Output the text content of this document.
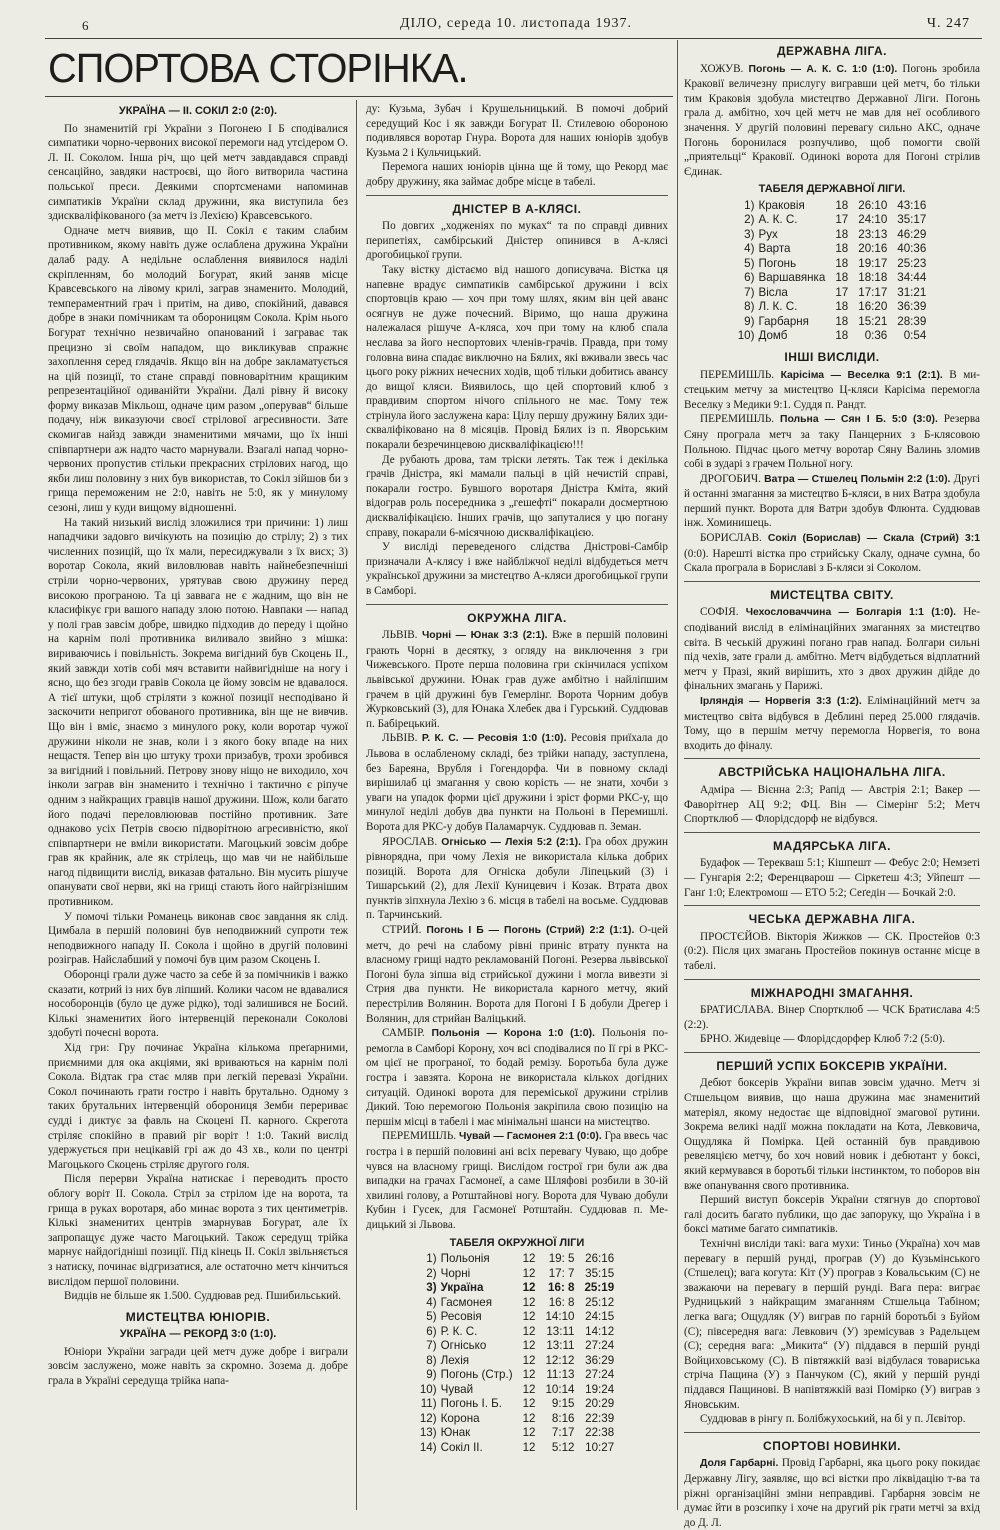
6	ДІЛО, середа 10. листопада 1937.	Ч. 247
СПОРТОВА СТОРІНКА.
УКРАЇНА — II. СОКІЛ 2:0 (2:0).

По знаменитій грі України з Погонею І Б сподівалися симпатики чорно-червоних високої перемоги над утсідером О. Л. II. Соколом. Інша річ, що цей метч завдавдався справді сенсаційно, завдяки настроєві, що його витворила частина польської преси. Деякими спортсменами напоминав симпатиків України склад дружини, яка виступила без здискваліфікованого (за метч із Лехією) Кравсевського.

Одначе метч виявив, що II. Сокіл є таким слабим противником, якому навіть дуже ослаблена дружина України далаб раду. А недільне ослаблення виявилося наділі скріпленням, бо молодий Богурат, який заняв місце Кравсевського на лівому крилі, заграв знаменито. Молодий, темпераментний грач і притім, на диво, спокійний, давався добре в знаки помічникам та обороницям Сокола. Крім нього Богурат технічно незвичайно опанований і заграває так прецизно зі своїм нападом, що викликував спражнє захоплення серед глядачів. Якщо він на добре закламатується на цій позиції, то стане справді повноварітним кращиким репрезентаційної одиванійти України. Далі рівну й високу форму виказав Мікльош, одначе цим разом „оперував“ більше подачу, ніж виказуючи своєї стрілової агресивности. Зате скомигав найзд завжди знаменитими мячами, що їх інші співпартнери аж надто часто марнували. Взагалі напад чорно-червоних пропустив стільки прекрасних стрілових нагод, що якби лиш половину з них був використав, то Сокіл зійшов би з грища переможеним не 2:0, навіть не 5:0, як у минулому сезоні, лиш у куди вищому відношенні.

На такий низький вислід зложилися три причини: 1) лиш нападчики задовго вичікують на позицію до стрілу; 2) з тих численних позицій, що їх мали, пересиджували з їх висх; 3) воротар Сокола, який виловлював навіть найнебезпечніші стріли чорно-червоних, урятував свою дружину перед високою програною. Та ці заввага не є жадним, що він не класифікує гри вашого нападу злою потою. Навпаки — напад у полі грав завсім добре, швидко підходив до переду і щойно на карнім полі противника виливало звийно з мішка: вириваючись і повільність. Зокрема вигідний був Скоцень II., який завжди хотів собі мяч вставити найвигідніше на ногу і ясно, що без згоди гравів Сокола це йому зовсім не вдавалося. А тієї штуки, щоб стріляти з кожної позиції несподівано й заскочити непригот обованого противника, він ще не вивчив. Що він і вміє, знаємо з минулого року, коли воротар чужої дружини ніколи не знав, коли і з якого боку впаде на них нещастя. Тепер він цю штуку трохи призабув, трохи зробився за вигідний і повільний. Петрову знову ніщо не виходило, хоч інколи заграв він знаменито і технічно і тактично є ріпуче одним з найкращих гравців нашої дружини. Шож, коли багато його подачі переловлюював постійно противник. Зате однаково усіх Петрів своєю підворітною агресивністю, якої співпартнери не вміли використати. Магоцький зовсім добре грав як крайник, але як стрілець, що мав чи не найбільше нагод підвищити вислід, виказав фатально. Він мусить рішуче опанувати свої нерви, які на грищі стають його найгрізнішим противником.

У помочі тільки Романець виконав своє завдання як слід. Цимбала в першій половині був неподвижний супроти теж неподвижного нападу II. Сокола і щойно в другій половині розіграв. Найслабший у помочі був цим разом Скоцень І.

Оборонці грали дуже часто за себе й за помічників і важко сказати, котрий із них був ліпший. Колики часом не вдавалися нособоронців (було це дуже рідко), тоді залишився не Босий. Кількі знаменитих його інтервенцій переконали Соколові здобуті почесні ворота.

Хід гри: Гру починає Україна кількома преґарними, приємними для ока акціями, які вриваються на карнім полі Сокола. Відтак гра стає мляв при легкій перевазі України. Сокол починають грати гостро і навіть брутально. Одному з таких брутальних інтервенцій оборониця Земби перериває судді і диктує за фавль на Скоцені П. карного. Скрегота стріляє спокійно в правий ріг воріт ! 1:0. Такий вислід удержується при нецікавій грі аж до 43 хв., коли по центрі Магоцького Скоцень стріляє другого голя.

Після перерви Україна натискає і переводить просто облогу воріт II. Сокола. Стріл за стрілом іде на ворота, та грища в руках воротаря, або минає ворота з тих центиметрів. Кількі знаменитих центрів змарнував Богурат, але їх запропащує дуже часто Магоцький. Також середущ трійка марнує найдогідніші позиції. Під кінець II. Сокіл звільняється з натиску, починає відгризатися, але остаточно метч кінчиться вислідом першої половини.

Видців не більше як 1.500. Суддював ред. Пшибильський.

МИСТЕЦТВА ЮНІОРІВ.
УКРАЇНА — РЕКОРД 3:0 (1:0).

Юніори України загради цей метч дуже добре і виграли зовсім заслужено, може навіть за скромно. Зозема д. добре грала в Україні середуща трійка напа-

ду: Кузьма, Зубач і Крушельницький. В помочі добрий середущий Кос і як завжди Богурат II. Стилевою обороною подивлявся воротар Гнура. Ворота для наших юніорів здобув Кузьма 2 і Кульчицький.

Перемога наших юніорів цінна ще й тому, що Рекорд має добру дружину, яка займає добре місце в табелі.

ДНІСТЕР В А-КЛЯСІ.

По довгих „ходженіях по муках“ та по справді дивних перипетіях, самбірський Дністер опинився в А-клясі дрогобицької групи.

Таку вістку дістаємо від нашого дописувача. Вістка ця напевне врадує симпатиків самбірської дружини і всіх спортовців краю — хоч при тому шлях, яким він цей аванс осягнув не дуже почесний. Віримо, що наша дружина належалася рішуче А-кляса, хоч при тому на клюб спала неслава за його неспортових членів-грачів. Правда, при тому головна вина спадає виключно на Бялих, які вживали звесь час цього року ріжних нечесних ходів, щоб тільки добитись авансу до вищої кляси. Виявилось, що цей спортовий клюб з правдивим спортом нічого спільного не має. Тому теж стрінула його заслужена кара: Цілу першу дружину Бялих здискваліфіковано на 8 місяців. Провід Бялих із п. Яворським покарали безречинцевою дискваліфікацією!!!

Де рубають дрова, там тріски летять. Так теж і декілька грачів Дністра, які мамали пальці в цій нечистій справі, покарали гостро. Бувшого воротаря Дністра Кміта, який відограв роль посередника з „гешефті“ покарали досмертною дискваліфікацією. Інших грачів, що запуталися у цю погану справу, покарали 6-місячною дискваліфікацією.

У висліді переведеного слідства Дністрові-Самбір призначали А-клясу і вже найбліжчої неділі відбудеться метч української дружини за мистецтво А-кляси дрогобицької групи в Самборі.

ОКРУЖНА ЛІГА.

ЛЬВІВ. Чорні — Юнак 3:3 (2:1). Вже в першій половині грають Чорні в десятку, з огляду на виключення з гри Чижевського. Проте перша половина гри скінчилася успіхом львівської дружини. Юнак грав дуже амбітно і найліпшим грачем в цій дружині був Гемерлінг. Ворота Чорним добув Журковський (3), для Юнака Хлебек два і Гурський. Суддював п. Бабірецький.

ЛЬВІВ. Р. К. С. — Ресовія 1:0 (1:0). Ресовія приїхала до Львова в ослабленому складі, без трійки нападу, заступлена, без Бареяна, Врубля і Гогендорфа. Чи в повному складі вирішилаб ці змагання у свою корість — не знати, хочби з уваги на упадок форми цієї дружини і зріст форми РКС-у, що минулої неділі добув два пункти на Польоні в Перемишлі. Ворота для РКС-у добув Паламарчук. Суддював п. Земан.

ЯРОСЛАВ. Огнісько — Лехія 5:2 (2:1). Гра обох дружин рівнорядна, при чому Лехія не використала кілька добрих позицій. Ворота для Огніска добули Ліпецький (3) і Тишарський (2), для Лехії Куницевич і Козак. Втрата двох пунктів зіпхнула Лехію з 6. місця в табелі на восьме. Суддював п. Тарчинський.

СТРИЙ. Погонь І Б — Погонь (Стрий) 2:2 (1:1). О-цей метч, до речі на слабому рівні приніс втрату пункта на власному грищі надто рекламованій Погоні. Резерва львівської Погоні була зіпша від стрийської дужини і могла вивезти зі Стрия два пункти. Не використала карного метчу, який перестрілив Волянин. Ворота для Погоні І Б добули Дрегер і Волянин, для стрийан Валіцький.

САМБІР. Польонія — Корона 1:0 (1:0). Польонія поремогла в Самборі Корону, хоч всі сподівалися по Ії грі в РКС-ом цієї не програної, то бодай ремізу. Боротьба була дуже гостра і завзята. Корона не використала кількох догідних ситуацій. Одинокі ворота для переміської дружини стрілив Дикий. Тою перемогою Польонія закріпила свою позицію на першім місці в табелі і має мінімальні шанси на мистецтво.

ПЕРЕМИШЛЬ. Чувай — Гасмонея 2:1 (0:0). Гра ввесь час гостра і в першій половині ані всіх перевагу Чуваю, що добре чувся на власному грищі. Вислідом гострої гри були аж два випадки на грачах Гасмонеї, а саме Шляфові розбили в 30-ій хвилині голову, а Ротштайнові ногу. Ворота для Чуваю добули Кубин і Гусек, для Гасмонеї Ротштайн. Суддював п. Медицький зі Львова.

ТАБЕЛЯ ОКРУЖНОЇ ЛІГИ
1)	Польонія	12	19: 5	26:16
2)	Чорні	12	17: 7	35:15
3)	Україна	12	16: 8	25:19
4)	Гасмонея	12	16: 8	25:12
5)	Ресовія	12	14:10	24:15
6)	Р. К. С.	12	13:11	14:12
7)	Огнісько	12	13:11	27:24
8)	Лехія	12	12:12	36:29
9)	Погонь (Стр.)	12	11:13	27:24
10)	Чувай	12	10:14	19:24
11)	Погонь І. Б.	12	9:15	20:29
12)	Корона	12	8:16	22:39
13)	Юнак	12	7:17	22:38
14)	Сокіл II.	12	5:12	10:27
ДЕРЖАВНА ЛІГА.

ХОЖУВ. Погонь — А. К. С. 1:0 (1:0). Погонь зробила Краковії величезну прислугу вигравши цей метч, бо тільки тим Краковія здобула мистецтво Державної Ліги. Погонь грала д. амбітно, хоч цей метч не мав для неї особливого значення. У другій половині перевагу сильно АКС, одначе Погонь боронилася розпучливо, щоб помогти своїй „приятельці“ Краковії. Одинокі ворота для Погоні стрілив Єдинак.

ТАБЕЛЯ ДЕРЖАВНОЇ ЛІГИ.
1)	Краковія	18	26:10	43:16
2)	А. К. С.	17	24:10	35:17
3)	Рух	18	23:13	46:29
4)	Варта	18	20:16	40:36
5)	Погонь	18	19:17	25:23
6)	Варшавянка	18	18:18	34:44
7)	Вісла	17	17:17	31:21
8)	Л. К. С.	18	16:20	36:39
9)	Гарбарня	18	15:21	28:39
10)	Домб	18	0:36	0:54
ІНШІ ВИСЛІДИ.

ПЕРЕМИШЛЬ. Карісіма — Веселка 9:1 (2:1). В мистецьким метчу за мистецтво Ц-кляси Карісіма перемогла Веселку з Медики 9:1. Суддя п. Рандт.

ПЕРЕМИШЛЬ. Польна — Сян І Б. 5:0 (3:0). Резерва Сяну програла метч за таку Панцерних з Б-клясовою Польною. Підчас цього метчу воротар Сяну Валинь зломив собі в зударі з грачем Польної ногу.

ДРОГОБИЧ. Ватра — Стшелец Польмін 2:2 (1:0). Другі й останні змагання за мистецтво Б-кляси, в них Ватра здобула перший пункт. Ворота для Ватри здобув Флюнта. Суддював інж. Хоминишець.

БОРИСЛАВ. Сокіл (Борислав) — Скала (Стрий) 3:1 (0:0). Нарешті вістка про стрийську Скалу, одначе сумна, бо Скала програла в Бориславі з Б-кляси зі Соколом.

МИСТЕЦТВА СВІТУ.

СОФІЯ. Чехословаччина — Болгарія 1:1 (1:0). Несподіваний вислід в елімінаційних змаганнях за мистецтво світа. В чеській дружині погано грав напад. Болгари сильні під чехів, зате грали д. амбітно. Метч відбудеться відплатний метч у Празі, який вирішить, хто з двох дружин дійде до фінальних змагань у Парижі.

Ірляндія — Норвегія 3:3 (1:2). Елімінаційний метч за мистецтво світа відбувся в Деблині перед 25.000 глядачів. Тому, що в першім метчу перемогла Норвегія, то вона входить до фіналу.

АВСТРІЙСЬКА НАЦІОНАЛЬНА ЛІГА.

Адміра — Вієнна 2:3; Рапід — Австрія 2:1; Вакер — Фаворітнер АЦ 9:2; ФЦ. Він — Сімерінг 5:2; Метч Спортклюб — Флорідсдорф не відбувся.

МАДЯРСЬКА ЛІГА.

Будафок — Терекваш 5:1; Кішпешт — Фебус 2:0; Немзеті — Гунгарія 2:2; Ференцварош — Сіркетеш 4:3; Уйпешт — Ганґ 1:0; Електромош — ЕТО 5:2; Сеґедін — Бочкай 2:0.

ЧЕСЬКА ДЕРЖАВНА ЛІГА.

ПРОСТЄЙОВ. Вікторія Жижков — СК. Простейов 0:3 (0:2). Після цих змагань Простейов покинув останнє місце в табелі.

МІЖНАРОДНІ ЗМАГАННЯ.

БРАТИСЛАВА. Вінер Спортклюб — ЧСК Братислава 4:5 (2:2).

БРНО. Жидевіце — Флорідсдорфер Клюб 7:2 (5:0).

ПЕРШИЙ УСПІХ БОКСЕРІВ УКРАЇНИ.

Дебют боксерів України випав зовсім удачно. Метч зі Стшельцом виявив, що наша дружина має знаменитий матеріял, якому недостає ще відповідної змагової рутини. Зокрема великі надії можна покладати на Кота, Левковича, Ощудляка й Помірка. Цей останній був правдивою ревеляцією метчу, бо хоч новий новик і дебютант у боксі, який кермувався в боротьбі тільки інстинктом, то поборов він вже опанування свого противника.

Перший виступ боксерів України стягнув до спортової галі досить багато публики, що дає запоруку, що Україна і в боксі матиме багато симпатиків.

Технічні висліди такі: вага мухи: Тиньо (Україна) хоч мав перевагу в першій рунді, програв (У) до Кузьмінського (Стшелец); вага когута: Кіт (У) програв з Ковальським (С) не зважаючи на перевагу в першій рунді. Вага пера: виграє Рудницький з найкращим змаганням Стшельца Табіном; легка вага; Ощудляк (У) виграв по гарній боротьбі з Буйом (С); півсередня вага: Левкович (У) зремісував з Радельцем (С); середня вага: „Микита“ (У) піддався в першій рунді Войциховському (С). В півтяжкій вазі відбулася товариська стріча Пащина (У) з Панчуком (С), який у першій рунді піддався Пащинові. В напівтяжкій вазі Помірко (У) виграв з Яновським.

Суддював в рінгу п. Болібжухоський, на бі у п. Лєвітор.

СПОРТОВІ НОВИНКИ.

Доля Гарбарні. Провід Гарбарні, яка цього року покидає Державну Лігу, заявляє, що всі вістки про ліквідацію т-ва та ріжні організаційні зміни неправдиві. Гарбарня зовсім не думає йти в розсипку і хоче на другий рік грати метчі за вхід до Д. Л.
